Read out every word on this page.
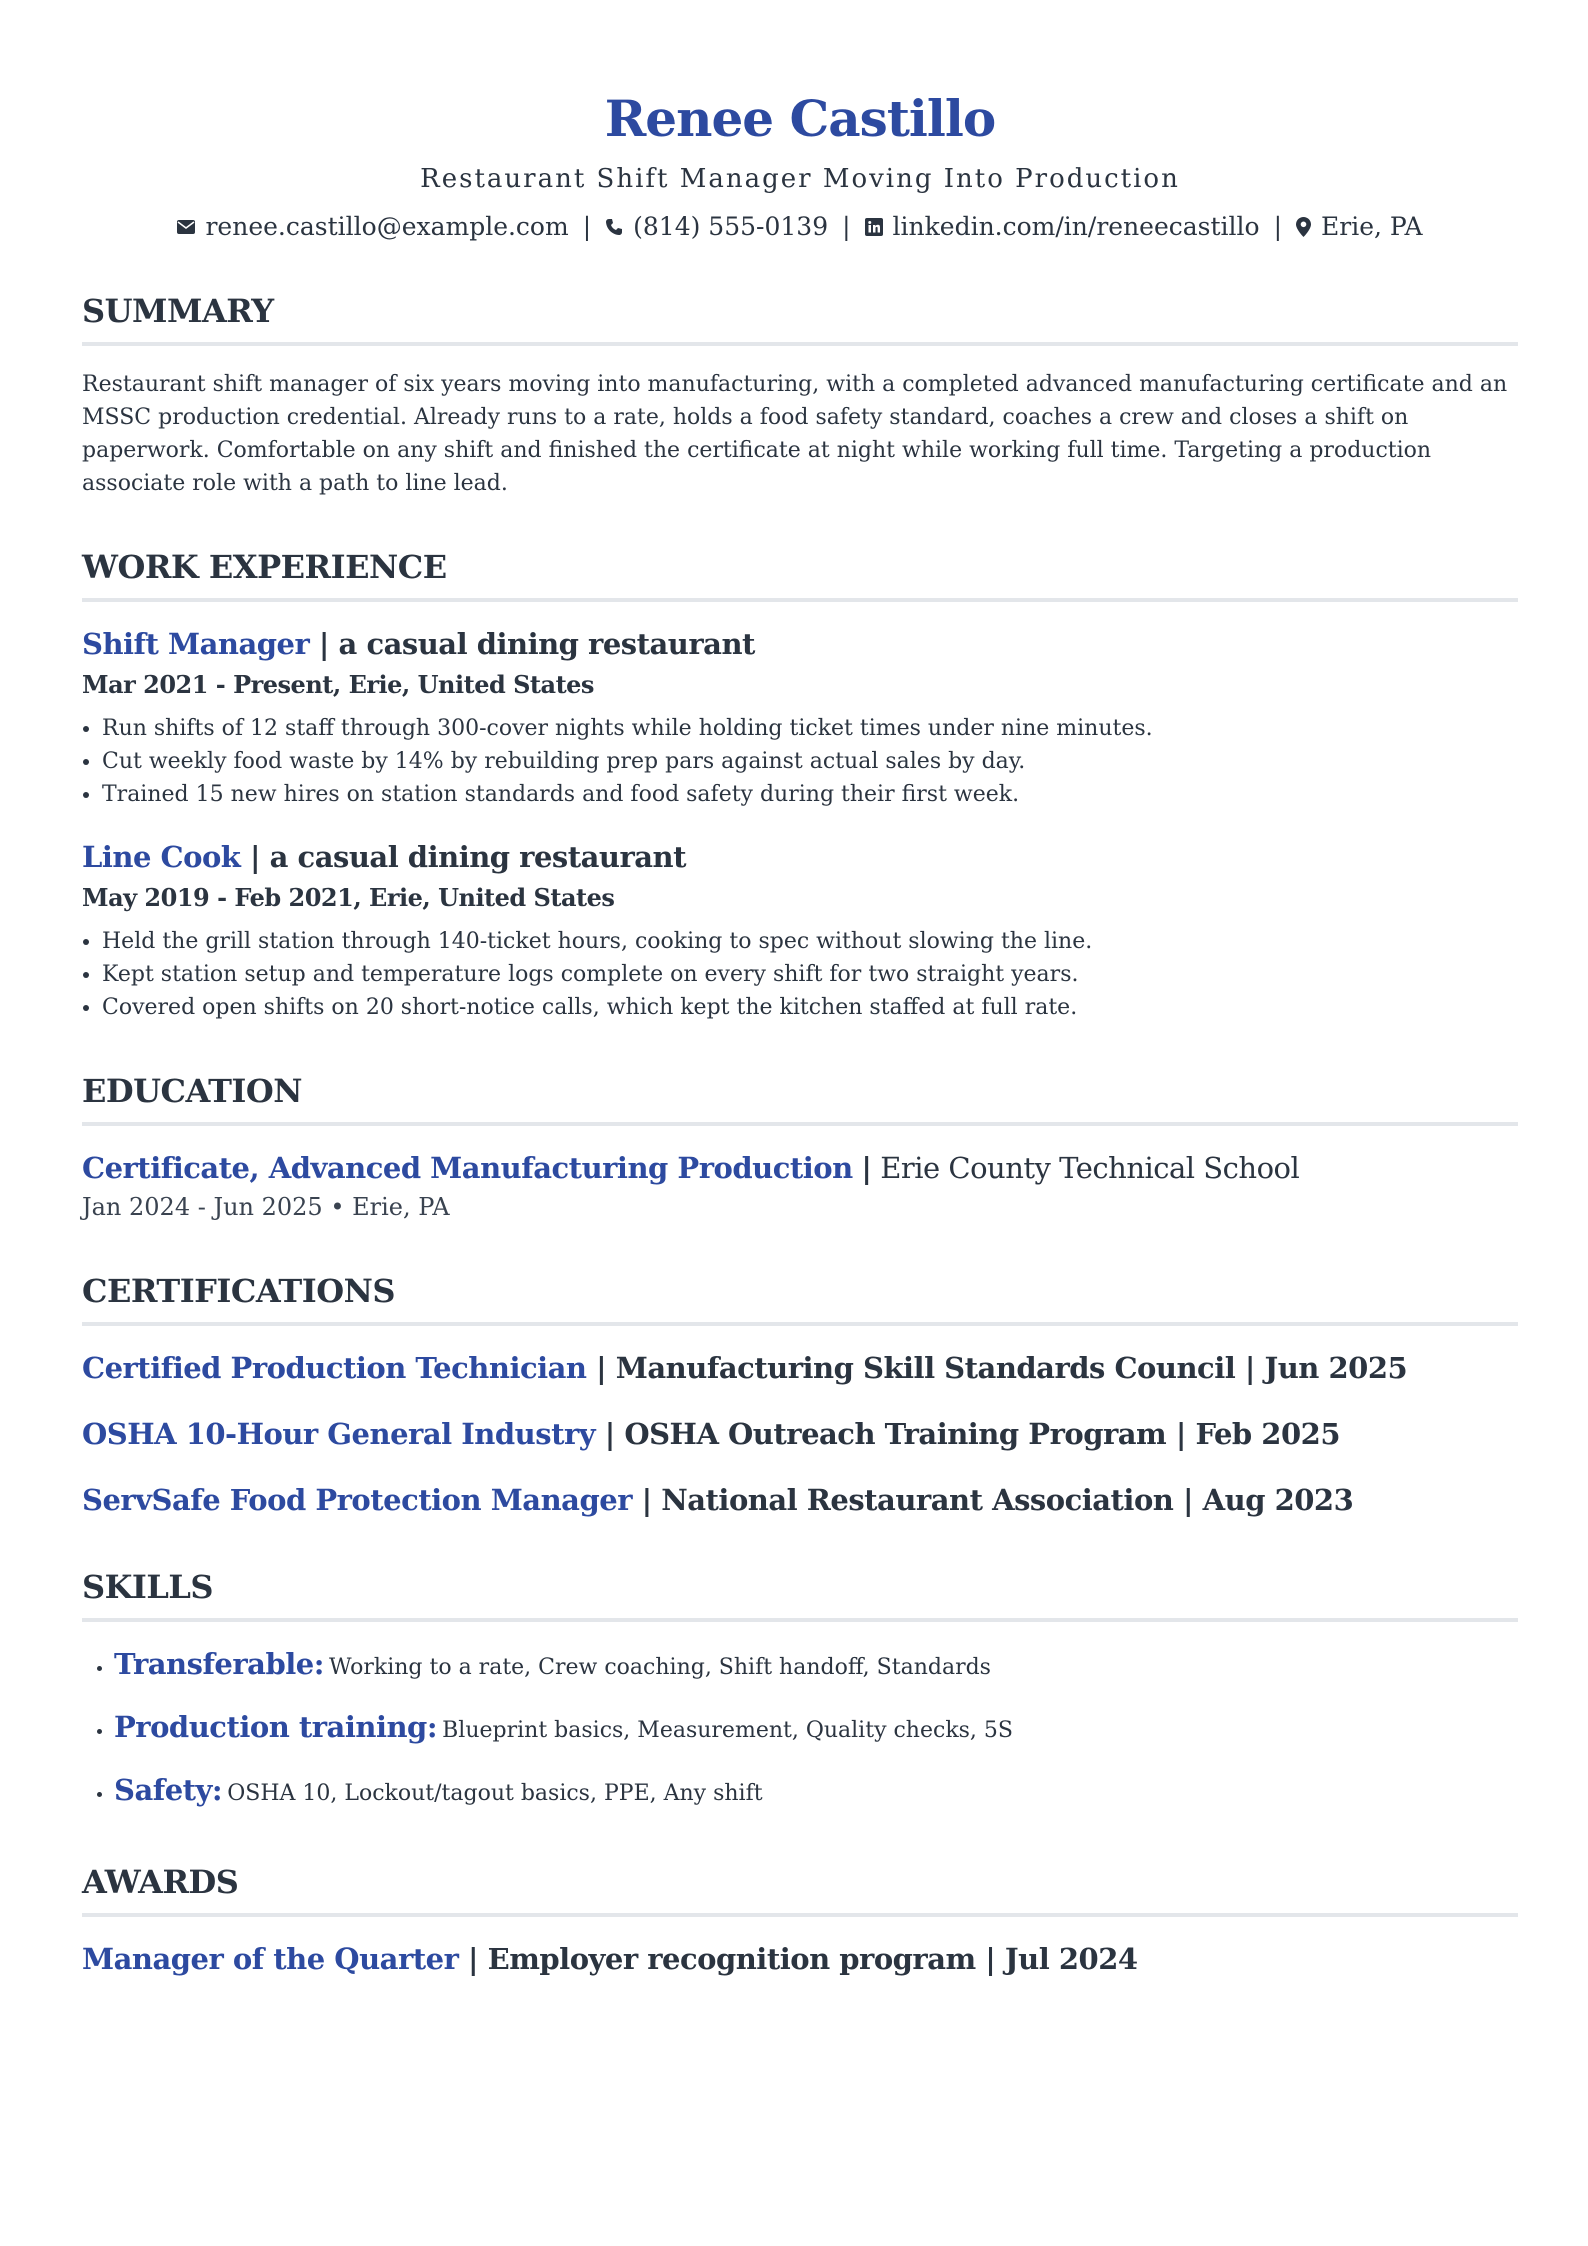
Renee Castillo
Restaurant Shift Manager Moving Into Production
renee.castillo@example.com | (814) 555-0139 | linkedin.com/in/reneecastillo | Erie, PA
SUMMARY

Restaurant shift manager of six years moving into manufacturing, with a completed advanced manufacturing certificate and an MSSC production credential. Already runs to a rate, holds a food safety standard, coaches a crew and closes a shift on paperwork. Comfortable on any shift and finished the certificate at night while working full time. Targeting a production associate role with a path to line lead.

WORK EXPERIENCE
Shift Manager | a casual dining restaurant
Mar 2021 - Present, Erie, United States
• Run shifts of 12 staff through 300-cover nights while holding ticket times under nine minutes.
• Cut weekly food waste by 14% by rebuilding prep pars against actual sales by day.
• Trained 15 new hires on station standards and food safety during their first week.
Line Cook | a casual dining restaurant
May 2019 - Feb 2021, Erie, United States
• Held the grill station through 140-ticket hours, cooking to spec without slowing the line.
• Kept station setup and temperature logs complete on every shift for two straight years.
• Covered open shifts on 20 short-notice calls, which kept the kitchen staffed at full rate.
EDUCATION
Certificate, Advanced Manufacturing Production | Erie County Technical School
Jan 2024 - Jun 2025 • Erie, PA
CERTIFICATIONS
Certified Production Technician | Manufacturing Skill Standards Council | Jun 2025
OSHA 10-Hour General Industry | OSHA Outreach Training Program | Feb 2025
ServSafe Food Protection Manager | National Restaurant Association | Aug 2023
SKILLS
• Transferable: Working to a rate, Crew coaching, Shift handoff, Standards
• Production training: Blueprint basics, Measurement, Quality checks, 5S
• Safety: OSHA 10, Lockout/tagout basics, PPE, Any shift
AWARDS
Manager of the Quarter | Employer recognition program | Jul 2024
